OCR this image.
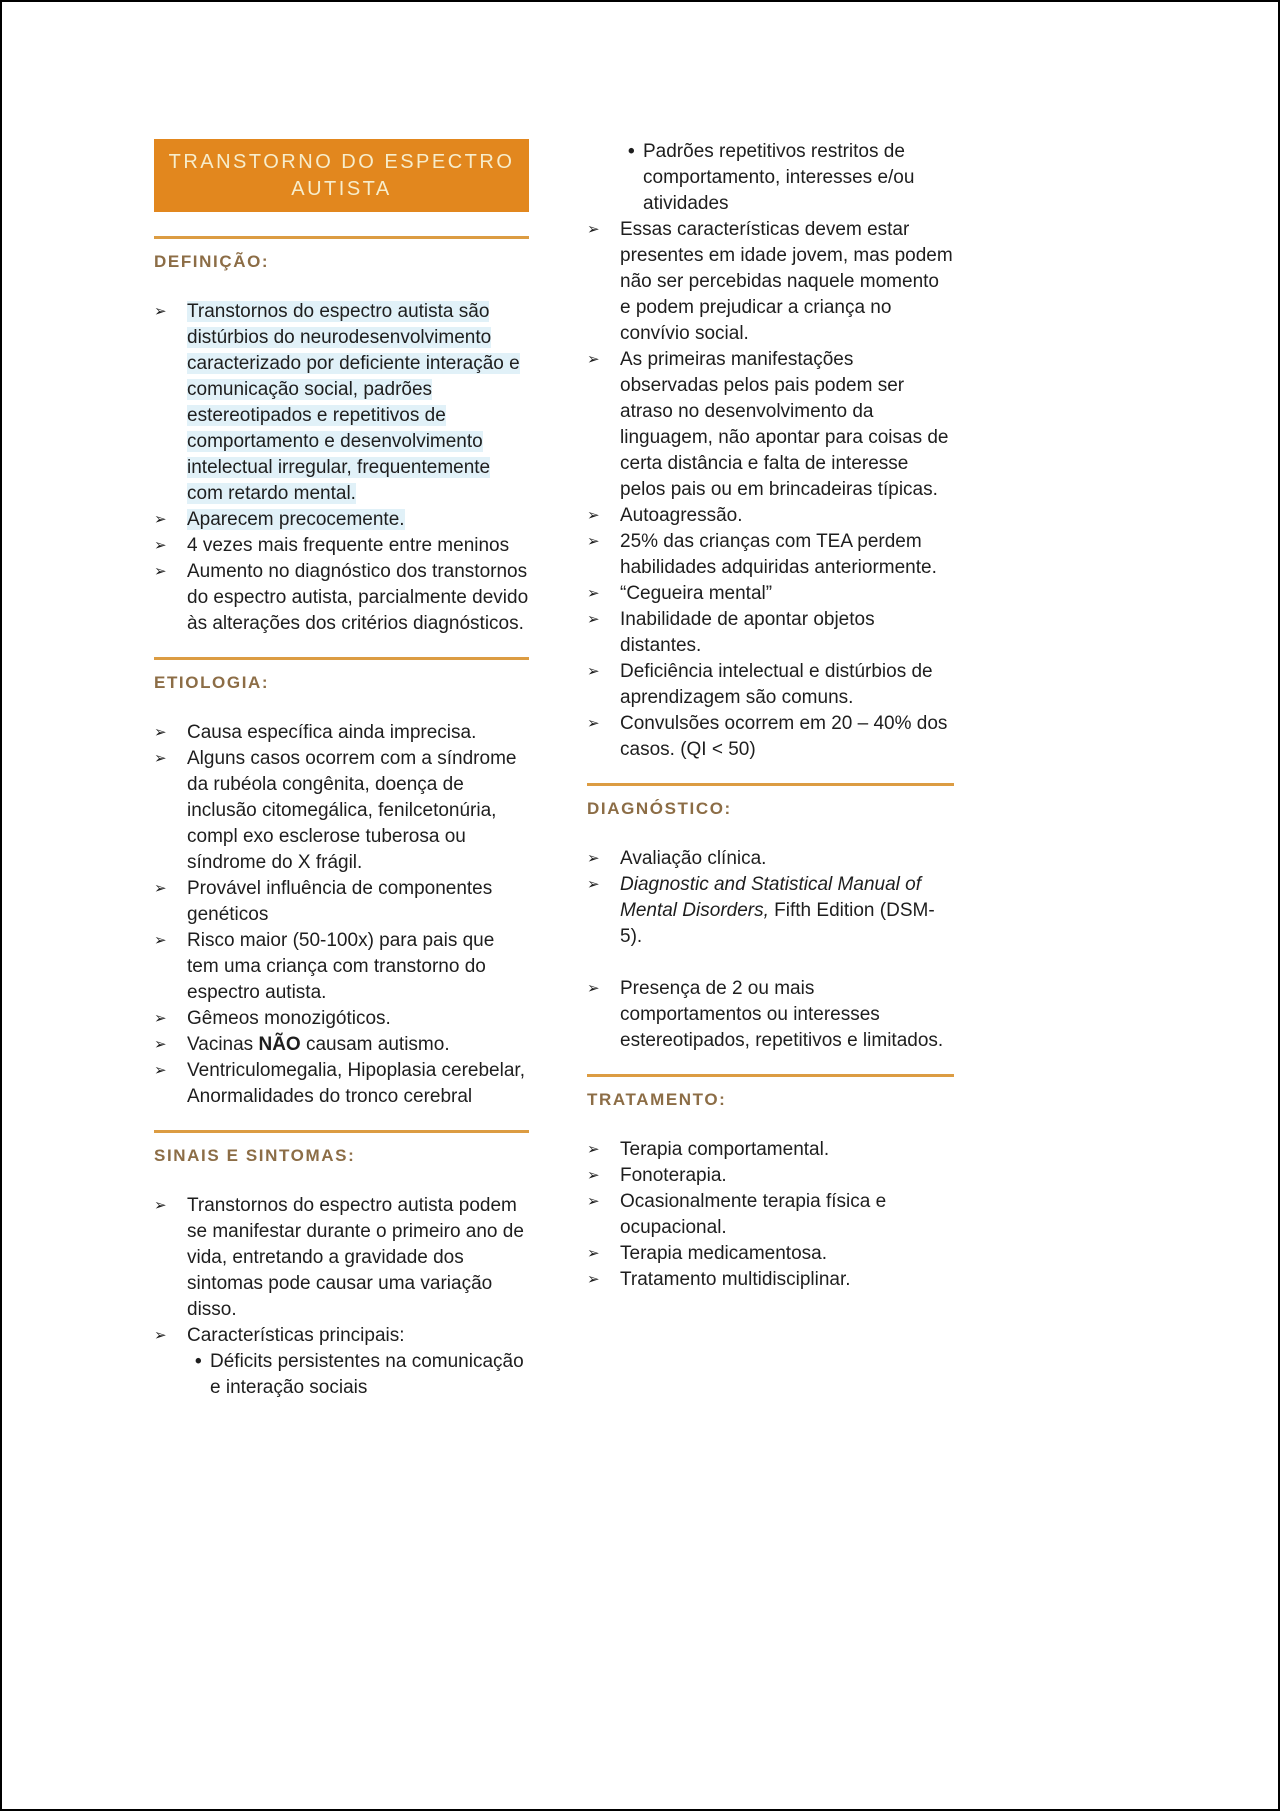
TRANSTORNO DO ESPECTRO AUTISTA
DEFINIÇÃO:
➢	Transtornos do espectro autista são distúrbios do neurodesenvolvimento caracterizado por deficiente interação e comunicação social, padrões estereotipados e repetitivos de comportamento e desenvolvimento intelectual irregular, frequentemente com retardo mental.
➢	Aparecem precocemente.
➢	4 vezes mais frequente entre meninos
➢	Aumento no diagnóstico dos transtornos do espectro autista, parcialmente devido às alterações dos critérios diagnósticos.
ETIOLOGIA:
➢	Causa específica ainda imprecisa.
➢	Alguns casos ocorrem com a síndrome da rubéola congênita, doença de inclusão citomegálica, fenilcetonúria, compl exo esclerose tuberosa ou síndrome do X frágil.
➢	Provável influência de componentes genéticos
➢	Risco maior (50-100x) para pais que tem uma criança com transtorno do espectro autista.
➢	Gêmeos monozigóticos.
➢	Vacinas NÃO causam autismo.
➢	Ventriculomegalia, Hipoplasia cerebelar, Anormalidades do tronco cerebral
SINAIS E SINTOMAS:
➢	Transtornos do espectro autista podem se manifestar durante o primeiro ano de vida, entretando a gravidade dos sintomas pode causar uma variação disso.
➢	Características principais:
• Déficits persistentes na comunicação e interação sociais
• Padrões repetitivos restritos de comportamento, interesses e/ou atividades
➢	Essas características devem estar presentes em idade jovem, mas podem não ser percebidas naquele momento e podem prejudicar a criança no convívio social.
➢	As primeiras manifestações observadas pelos pais podem ser atraso no desenvolvimento da linguagem, não apontar para coisas de certa distância e falta de interesse pelos pais ou em brincadeiras típicas.
➢	Autoagressão.
➢	25% das crianças com TEA perdem habilidades adquiridas anteriormente.
➢	“Cegueira mental”
➢	Inabilidade de apontar objetos distantes.
➢	Deficiência intelectual e distúrbios de aprendizagem são comuns.
➢	Convulsões ocorrem em 20 – 40% dos casos. (QI < 50)
DIAGNÓSTICO:
➢	Avaliação clínica.
➢	Diagnostic and Statistical Manual of Mental Disorders, Fifth Edition (DSM-5).
➢	Presença de 2 ou mais comportamentos ou interesses estereotipados, repetitivos e limitados.
TRATAMENTO:
➢	Terapia comportamental.
➢	Fonoterapia.
➢	Ocasionalmente terapia física e ocupacional.
➢	Terapia medicamentosa.
➢	Tratamento multidisciplinar.
